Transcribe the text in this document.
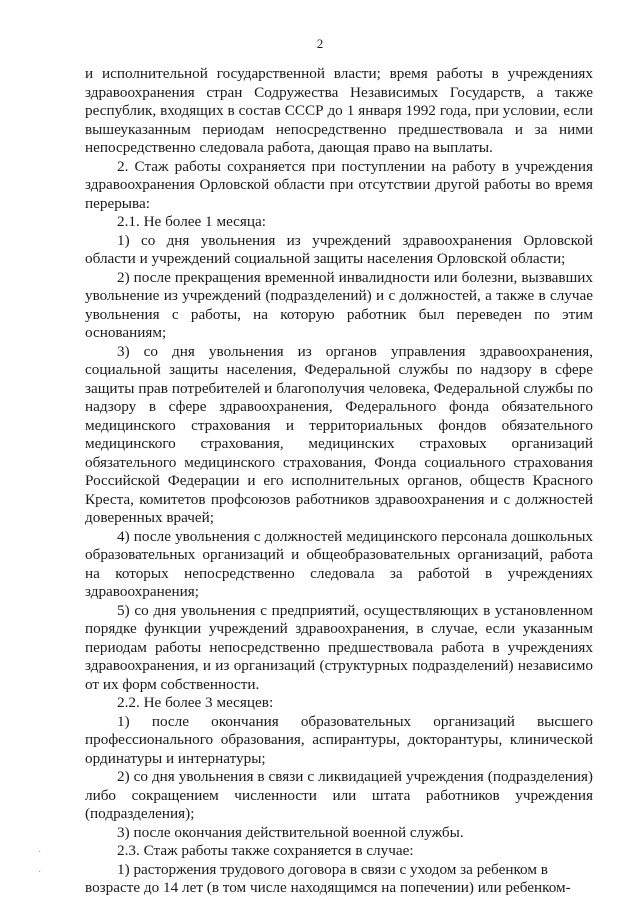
2

и исполнительной государственной власти; время работы в учреждениях здравоохранения стран Содружества Независимых Государств, а также республик, входящих в состав СССР до 1 января 1992 года, при условии, если вышеуказанным периодам непосредственно предшествовала и за ними непосредственно следовала работа, дающая право на выплаты.

2. Стаж работы сохраняется при поступлении на работу в учреждения здравоохранения Орловской области при отсутствии другой работы во время перерыва:

2.1. Не более 1 месяца:

1) со дня увольнения из учреждений здравоохранения Орловской области и учреждений социальной защиты населения Орловской области;

2) после прекращения временной инвалидности или болезни, вызвавших увольнение из учреждений (подразделений) и с должностей, а также в случае увольнения с работы, на которую работник был переведен по этим основаниям;

3) со дня увольнения из органов управления здравоохранения, социальной защиты населения, Федеральной службы по надзору в сфере защиты прав потребителей и благополучия человека, Федеральной службы по надзору в сфере здравоохранения, Федерального фонда обязательного медицинского страхования и территориальных фондов обязательного медицинского страхования, медицинских страховых организаций обязательного медицинского страхования, Фонда социального страхования Российской Федерации и его исполнительных органов, обществ Красного Креста, комитетов профсоюзов работников здравоохранения и с должностей доверенных врачей;

4) после увольнения с должностей медицинского персонала дошкольных образовательных организаций и общеобразовательных организаций, работа на которых непосредственно следовала за работой в учреждениях здравоохранения;

5) со дня увольнения с предприятий, осуществляющих в установленном порядке функции учреждений здравоохранения, в случае, если указанным периодам работы непосредственно предшествовала работа в учреждениях здравоохранения, и из организаций (структурных подразделений) независимо от их форм собственности.

2.2. Не более 3 месяцев:

1) после окончания образовательных организаций высшего профессионального образования, аспирантуры, докторантуры, клинической ординатуры и интернатуры;

2) со дня увольнения в связи с ликвидацией учреждения (подразделения) либо сокращением численности или штата работников учреждения (подразделения);

3) после окончания действительной военной службы.

2.3. Стаж работы также сохраняется в случае:

1) расторжения трудового договора в связи с уходом за ребенком в возрасте до 14 лет (в том числе находящимся на попечении) или ребенком-

·
·
